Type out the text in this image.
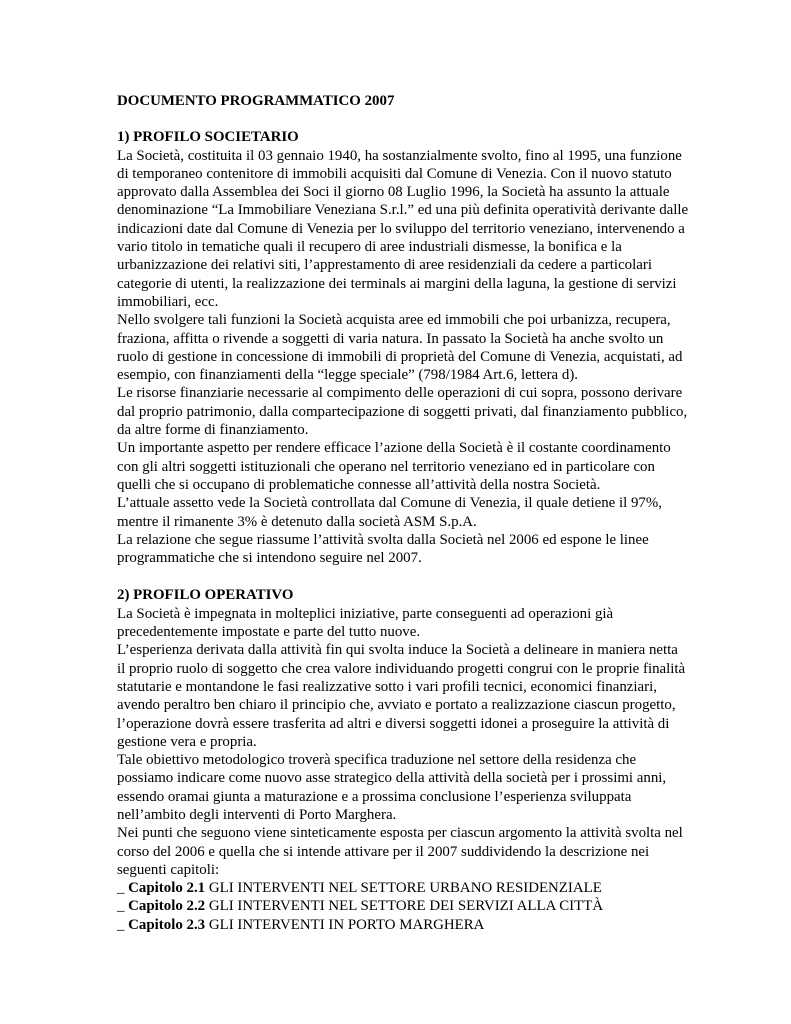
DOCUMENTO PROGRAMMATICO 2007

1) PROFILO SOCIETARIO

La Società, costituita il 03 gennaio 1940, ha sostanzialmente svolto, fino al 1995, una funzione di temporaneo contenitore di immobili acquisiti dal Comune di Venezia. Con il nuovo statuto approvato dalla Assemblea dei Soci il giorno 08 Luglio 1996, la Società ha assunto la attuale denominazione “La Immobiliare Veneziana S.r.l.” ed una più definita operatività derivante dalle indicazioni date dal Comune di Venezia per lo sviluppo del territorio veneziano, intervenendo a vario titolo in tematiche quali il recupero di aree industriali dismesse, la bonifica e la urbanizzazione dei relativi siti, l’apprestamento di aree residenziali da cedere a particolari categorie di utenti, la realizzazione dei terminals ai margini della laguna, la gestione di servizi immobiliari, ecc.

Nello svolgere tali funzioni la Società acquista aree ed immobili che poi urbanizza, recupera, fraziona, affitta o rivende a soggetti di varia natura. In passato la Società ha anche svolto un ruolo di gestione in concessione di immobili di proprietà del Comune di Venezia, acquistati, ad esempio, con finanziamenti della “legge speciale” (798/1984 Art.6, lettera d).

Le risorse finanziarie necessarie al compimento delle operazioni di cui sopra, possono derivare dal proprio patrimonio, dalla compartecipazione di soggetti privati, dal finanziamento pubblico, da altre forme di finanziamento.

Un importante aspetto per rendere efficace l’azione della Società è il costante coordinamento con gli altri soggetti istituzionali che operano nel territorio veneziano ed in particolare con quelli che si occupano di problematiche connesse all’attività della nostra Società.

L’attuale assetto vede la Società controllata dal Comune di Venezia, il quale detiene il 97%, mentre il rimanente 3% è detenuto dalla società ASM S.p.A.

La relazione che segue riassume l’attività svolta dalla Società nel 2006 ed espone le linee programmatiche che si intendono seguire nel 2007.

2) PROFILO OPERATIVO

La Società è impegnata in molteplici iniziative, parte conseguenti ad operazioni già precedentemente impostate e parte del tutto nuove.

L’esperienza derivata dalla attività fin qui svolta induce la Società a delineare in maniera netta il proprio ruolo di soggetto che crea valore individuando progetti congrui con le proprie finalità statutarie e montandone le fasi realizzative sotto i vari profili tecnici, economici finanziari, avendo peraltro ben chiaro il principio che, avviato e portato a realizzazione ciascun progetto, l’operazione dovrà essere trasferita ad altri e diversi soggetti idonei a proseguire la attività di gestione vera e propria.

Tale obiettivo metodologico troverà specifica traduzione nel settore della residenza che possiamo indicare come nuovo asse strategico della attività della società per i prossimi anni, essendo oramai giunta a maturazione e a prossima conclusione l’esperienza sviluppata nell’ambito degli interventi di Porto Marghera.

Nei punti che seguono viene sinteticamente esposta per ciascun argomento la attività svolta nel corso del 2006 e quella che si intende attivare per il 2007 suddividendo la descrizione nei seguenti capitoli:

_ Capitolo 2.1 GLI INTERVENTI NEL SETTORE URBANO RESIDENZIALE
_ Capitolo 2.2 GLI INTERVENTI NEL SETTORE DEI SERVIZI ALLA CITTÀ
_ Capitolo 2.3 GLI INTERVENTI IN PORTO MARGHERA
